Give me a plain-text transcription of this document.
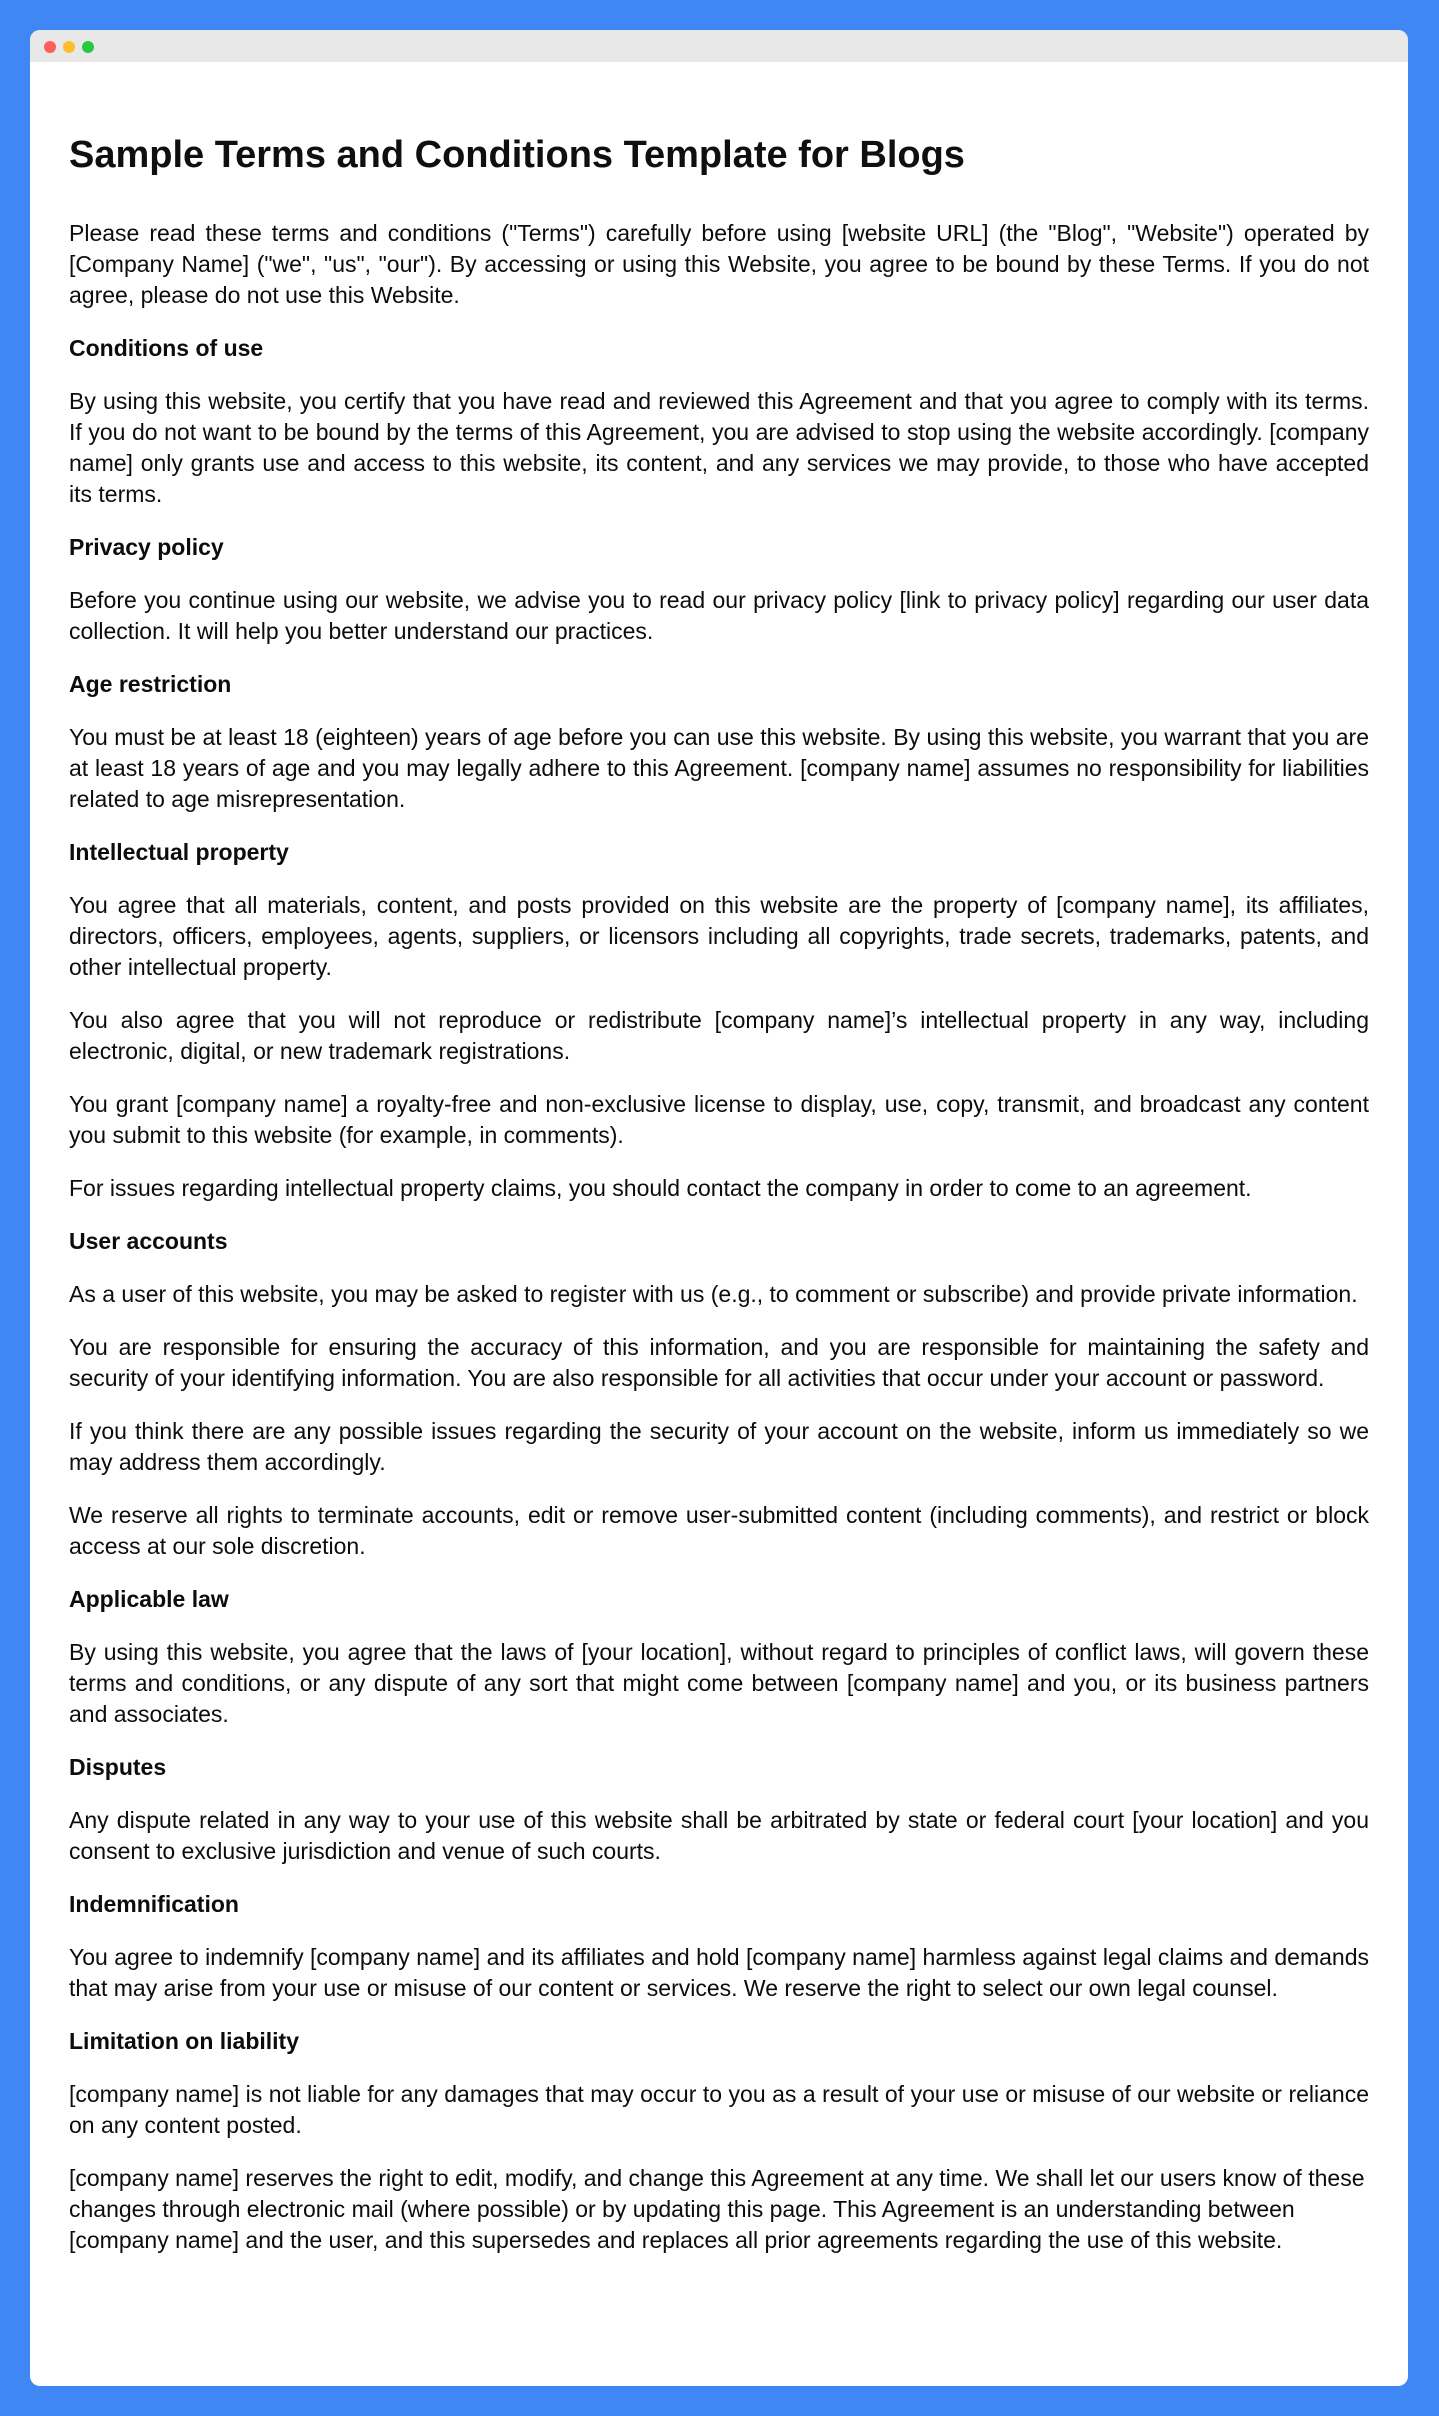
Sample Terms and Conditions Template for Blogs

Please read these terms and conditions ("Terms") carefully before using [website URL] (the "Blog", "Website") operated by [Company Name] ("we", "us", "our"). By accessing or using this Website, you agree to be bound by these Terms. If you do not agree, please do not use this Website.

Conditions of use

By using this website, you certify that you have read and reviewed this Agreement and that you agree to comply with its terms. If you do not want to be bound by the terms of this Agreement, you are advised to stop using the website accordingly. [company name] only grants use and access to this website, its content, and any services we may provide, to those who have accepted its terms.

Privacy policy

Before you continue using our website, we advise you to read our privacy policy [link to privacy policy] regarding our user data collection. It will help you better understand our practices.

Age restriction

You must be at least 18 (eighteen) years of age before you can use this website. By using this website, you warrant that you are at least 18 years of age and you may legally adhere to this Agreement. [company name] assumes no responsibility for liabilities related to age misrepresentation.

Intellectual property

You agree that all materials, content, and posts provided on this website are the property of [company name], its affiliates, directors, officers, employees, agents, suppliers, or licensors including all copyrights, trade secrets, trademarks, patents, and other intellectual property.

You also agree that you will not reproduce or redistribute [company name]’s intellectual property in any way, including electronic, digital, or new trademark registrations.

You grant [company name] a royalty-free and non-exclusive license to display, use, copy, transmit, and broadcast any content you submit to this website (for example, in comments).

For issues regarding intellectual property claims, you should contact the company in order to come to an agreement.

User accounts

As a user of this website, you may be asked to register with us (e.g., to comment or subscribe) and provide private information.

You are responsible for ensuring the accuracy of this information, and you are responsible for maintaining the safety and security of your identifying information. You are also responsible for all activities that occur under your account or password.

If you think there are any possible issues regarding the security of your account on the website, inform us immediately so we may address them accordingly.

We reserve all rights to terminate accounts, edit or remove user-submitted content (including comments), and restrict or block access at our sole discretion.

Applicable law

By using this website, you agree that the laws of [your location], without regard to principles of conflict laws, will govern these terms and conditions, or any dispute of any sort that might come between [company name] and you, or its business partners and associates.

Disputes

Any dispute related in any way to your use of this website shall be arbitrated by state or federal court [your location] and you consent to exclusive jurisdiction and venue of such courts.

Indemnification

You agree to indemnify [company name] and its affiliates and hold [company name] harmless against legal claims and demands that may arise from your use or misuse of our content or services. We reserve the right to select our own legal counsel.

Limitation on liability

[company name] is not liable for any damages that may occur to you as a result of your use or misuse of our website or reliance on any content posted.

[company name] reserves the right to edit, modify, and change this Agreement at any time. We shall let our users know of these changes through electronic mail (where possible) or by updating this page. This Agreement is an understanding between [company name] and the user, and this supersedes and replaces all prior agreements regarding the use of this website.
